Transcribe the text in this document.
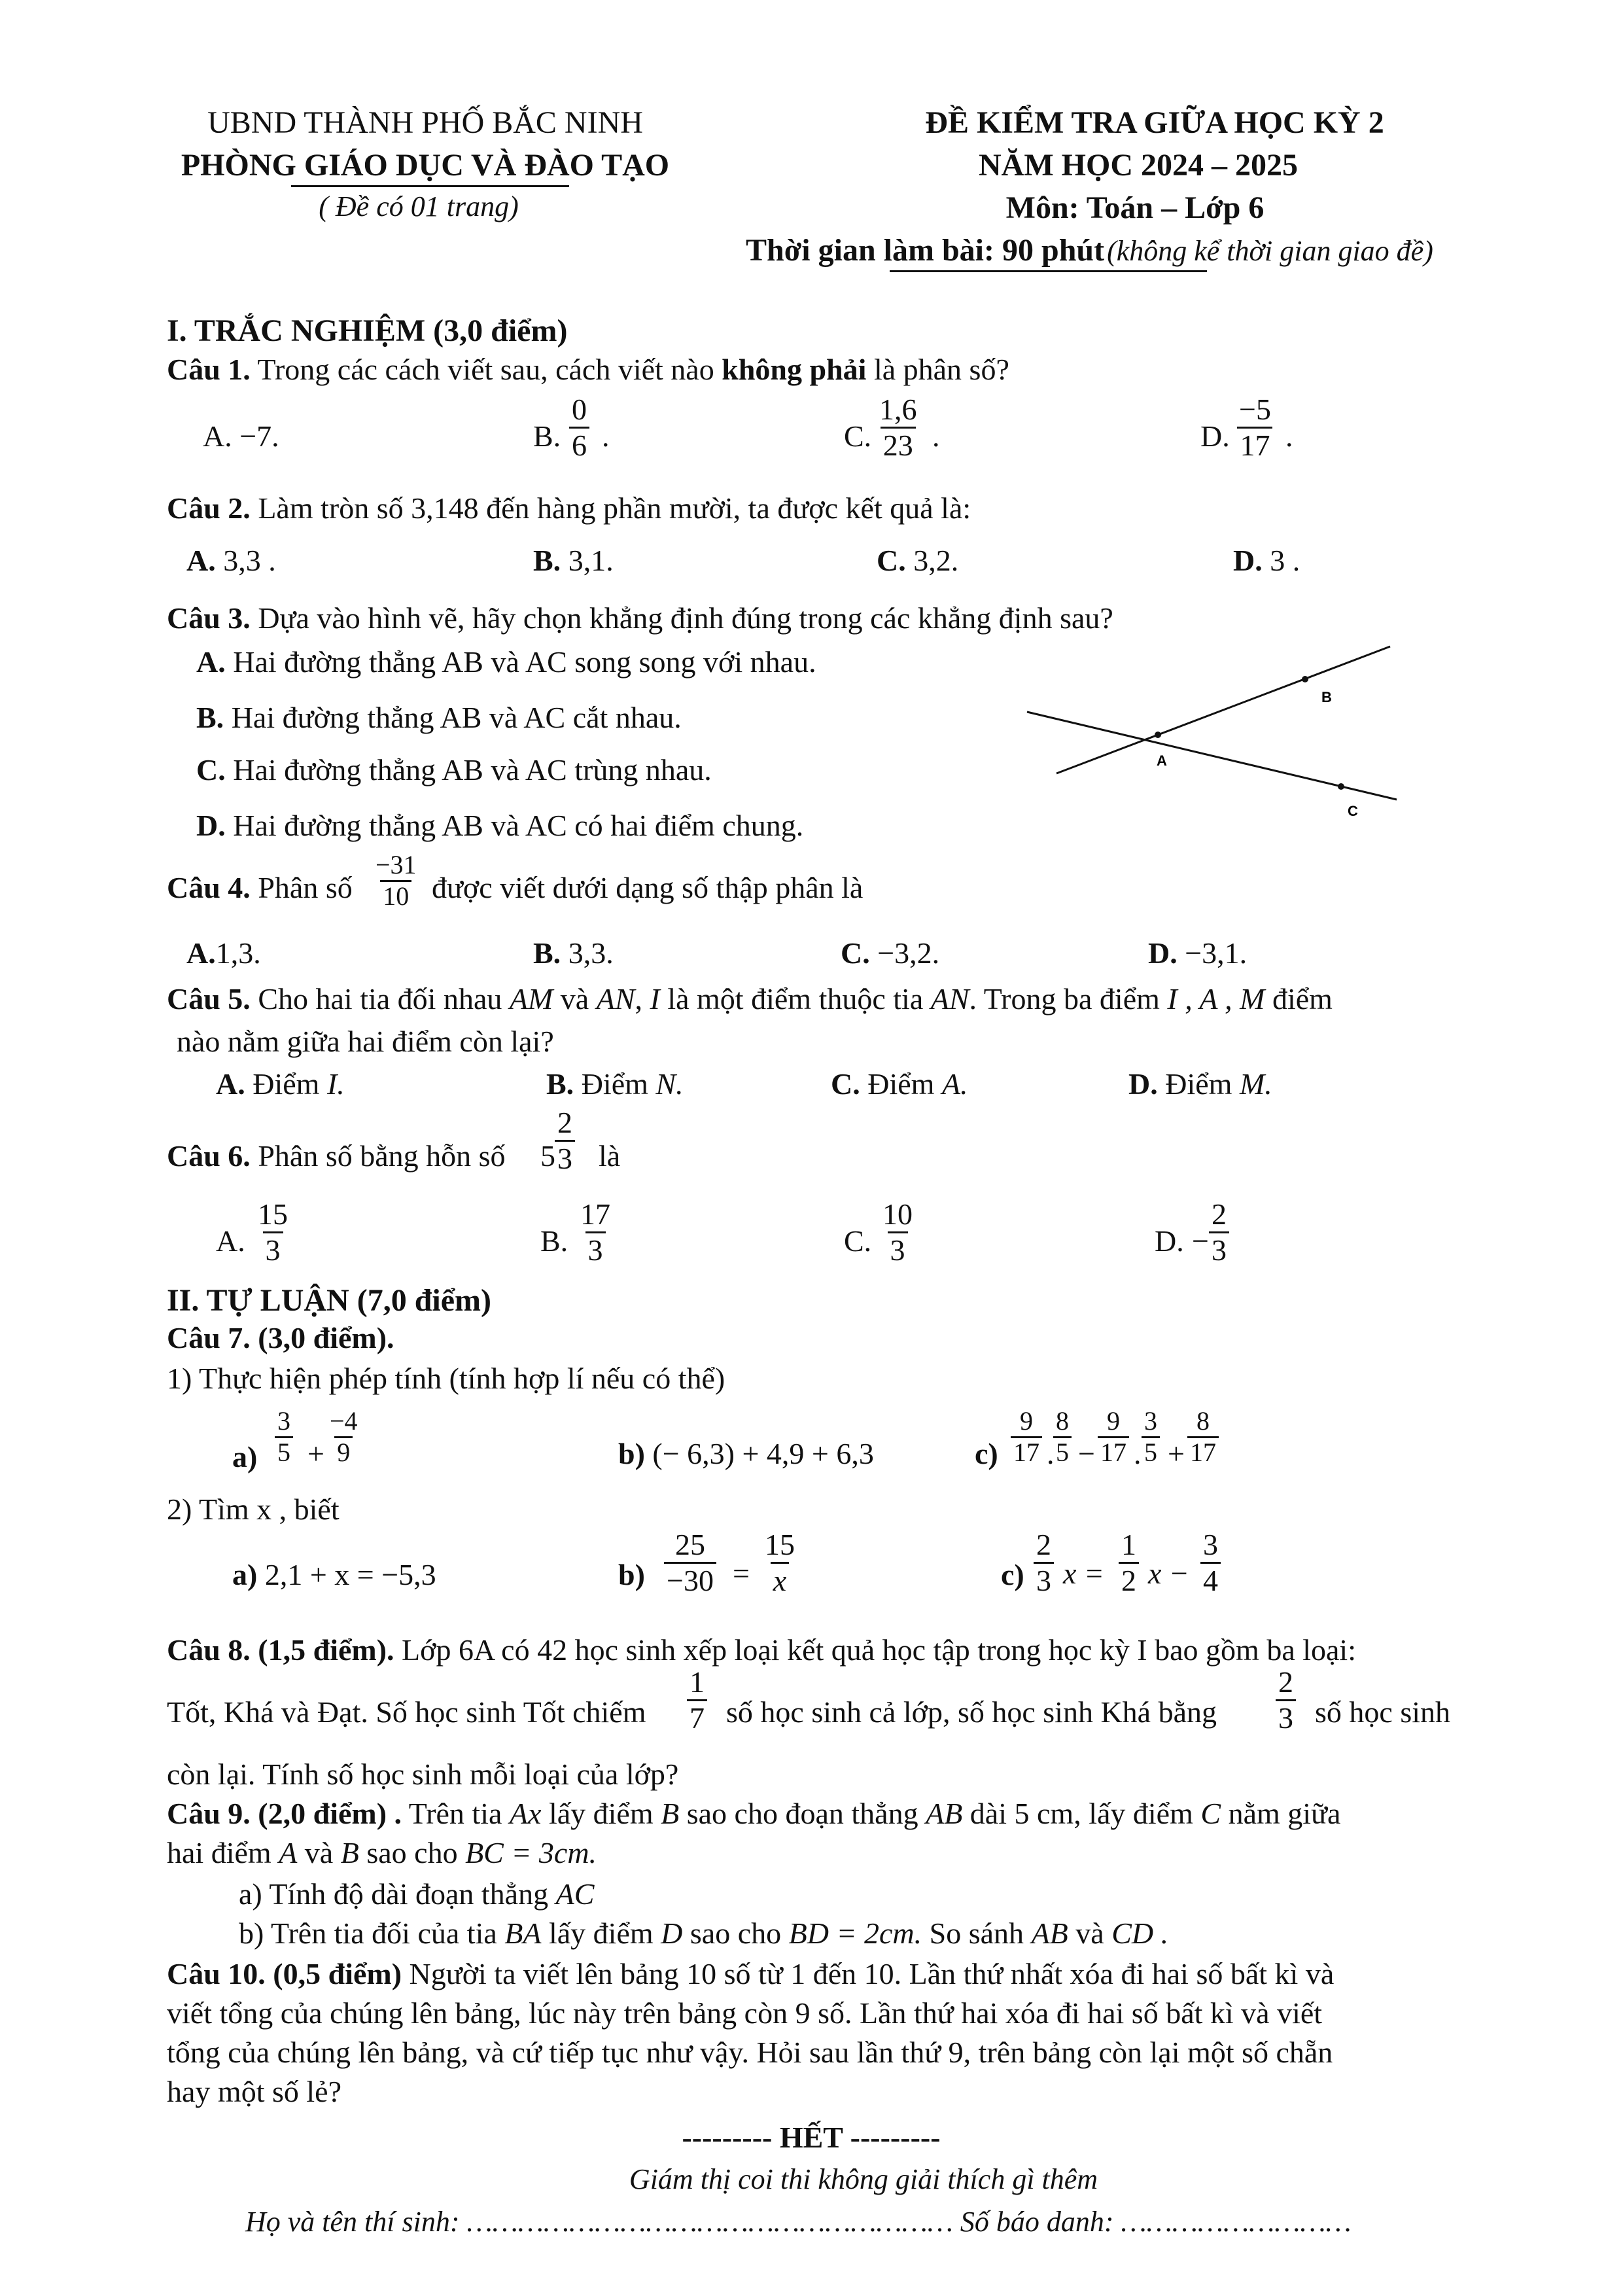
UBND THÀNH PHỐ BẮC NINH
PHÒNG GIÁO DỤC VÀ ĐÀO TẠO
( Đề có 01 trang)
ĐỀ KIỂM TRA GIỮA HỌC KỲ 2
NĂM HỌC 2024 – 2025
Môn: Toán – Lớp 6
Thời gian làm bài: 90 phút (không kể thời gian giao đề)
I. TRẮC NGHIỆM (3,0 điểm)
Câu 1. Trong các cách viết sau, cách viết nào không phải là phân số?
A. −7.	B. $\frac{0}{6}$ .	C. $\frac{1,6}{23}$ .	D. $\frac{-5}{17}$ .
Câu 2. Làm tròn số 3,148 đến hàng phần mười, ta được kết quả là:
A. 3,3 .	B. 3,1.	C. 3,2.	D. 3 .
Câu 3. Dựa vào hình vẽ, hãy chọn khẳng định đúng trong các khẳng định sau?
A. Hai đường thẳng AB và AC song song với nhau.
B. Hai đường thẳng AB và AC cắt nhau.
C. Hai đường thẳng AB và AC trùng nhau.
D. Hai đường thẳng AB và AC có hai điểm chung.
A
B
C
Câu 4. Phân số $\frac{-31}{10}$ được viết dưới dạng số thập phân là
A.1,3.	B. 3,3.	C. −3,2.	D. −3,1.
Câu 5. Cho hai tia đối nhau AM và AN, I là một điểm thuộc tia AN. Trong ba điểm I , A , M điểm
nào nằm giữa hai điểm còn lại?
A. Điểm I.	B. Điểm N.	C. Điểm A.	D. Điểm M.
Câu 6. Phân số bằng hỗn số $5 \frac{2}{3}$ là
A. $\frac{15}{3}$	B. $\frac{17}{3}$	C. $\frac{10}{3}$	D. − $\frac{2}{3}$
II. TỰ LUẬN (7,0 điểm)
Câu 7. (3,0 điểm).
1) Thực hiện phép tính (tính hợp lí nếu có thể)
$a) \frac{3}{5} + \frac{-4}{9}$	b) (− 6,3) + 4,9 + 6,3	$c) \frac{9}{17}$ .
$\frac{8}{5} - \frac{9}{17}$ . $\frac{3}{5} + \frac{8}{17}$
2) Tìm x , biết
a) 2,1 + x = −5,3	$b) \frac{25}{-30} = \frac{15}{x}$	$c) \frac{2}{3}$ $x = \frac{1}{2}$ $x - \frac{3}{4}$
Câu 8. (1,5 điểm). Lớp 6A có 42 học sinh xếp loại kết quả học tập trong học kỳ I bao gồm ba loại:
Tốt, Khá và Đạt. Số học sinh Tốt chiếm $\frac{1}{7}$ số học sinh cả lớp, số học sinh Khá bằng $\frac{2}{3}$ số học sinh
còn lại. Tính số học sinh mỗi loại của lớp?
Câu 9. (2,0 điểm) . Trên tia Ax lấy điểm B sao cho đoạn thẳng AB dài 5 cm, lấy điểm C nằm giữa
hai điểm A và B sao cho BC = 3cm.
a) Tính độ dài đoạn thẳng AC
b) Trên tia đối của tia BA lấy điểm D sao cho BD = 2cm. So sánh AB và CD .
Câu 10. (0,5 điểm) Người ta viết lên bảng 10 số từ 1 đến 10. Lần thứ nhất xóa đi hai số bất kì và
viết tổng của chúng lên bảng, lúc này trên bảng còn 9 số. Lần thứ hai xóa đi hai số bất kì và viết
tổng của chúng lên bảng, và cứ tiếp tục như vậy. Hỏi sau lần thứ 9, trên bảng còn lại một số chẵn
hay một số lẻ?
--------- HẾT ---------
Giám thị coi thi không giải thích gì thêm
Họ và tên thí sinh: ………………………………………………… Số báo danh: ………………………
